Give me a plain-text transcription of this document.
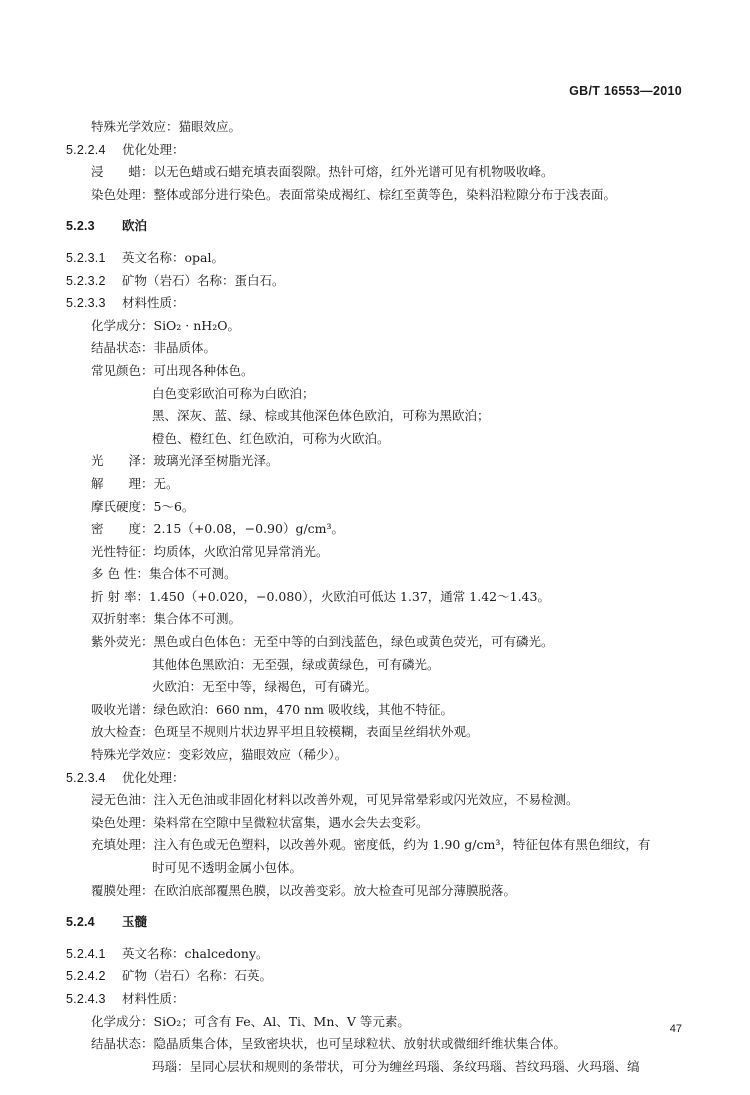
GB/T 16553—2010
特殊光学效应：猫眼效应。
5.2.2.4 优化处理：
浸　　蜡：以无色蜡或石蜡充填表面裂隙。热针可熔，红外光谱可见有机物吸收峰。
染色处理：整体或部分进行染色。表面常染成褐红、棕红至黄等色，染料沿粒隙分布于浅表面。
5.2.3 欧泊
5.2.3.1 英文名称：opal。
5.2.3.2 矿物（岩石）名称：蛋白石。
5.2.3.3 材料性质：
化学成分：SiO₂ · nH₂O。
结晶状态：非晶质体。
常见颜色：可出现各种体色。
白色变彩欧泊可称为白欧泊；
黑、深灰、蓝、绿、棕或其他深色体色欧泊，可称为黑欧泊；
橙色、橙红色、红色欧泊，可称为火欧泊。
光　　泽：玻璃光泽至树脂光泽。
解　　理：无。
摩氏硬度：5～6。
密　　度：2.15（+0.08，−0.90）g/cm³。
光性特征：均质体，火欧泊常见异常消光。
多 色 性：集合体不可测。
折 射 率：1.450（+0.020，−0.080），火欧泊可低达 1.37，通常 1.42～1.43。
双折射率：集合体不可测。
紫外荧光：黑色或白色体色：无至中等的白到浅蓝色，绿色或黄色荧光，可有磷光。
其他体色黑欧泊：无至强，绿或黄绿色，可有磷光。
火欧泊：无至中等，绿褐色，可有磷光。
吸收光谱：绿色欧泊：660 nm，470 nm 吸收线，其他不特征。
放大检查：色斑呈不规则片状边界平坦且较模糊，表面呈丝绢状外观。
特殊光学效应：变彩效应，猫眼效应（稀少）。
5.2.3.4 优化处理：
浸无色油：注入无色油或非固化材料以改善外观，可见异常晕彩或闪光效应，不易检测。
染色处理：染料常在空隙中呈微粒状富集，遇水会失去变彩。
充填处理：注入有色或无色塑料，以改善外观。密度低，约为 1.90 g/cm³，特征包体有黑色细纹，有
时可见不透明金属小包体。
覆膜处理：在欧泊底部覆黑色膜，以改善变彩。放大检查可见部分薄膜脱落。
5.2.4 玉髓
5.2.4.1 英文名称：chalcedony。
5.2.4.2 矿物（岩石）名称：石英。
5.2.4.3 材料性质：
化学成分：SiO₂；可含有 Fe、Al、Ti、Mn、V 等元素。
结晶状态：隐晶质集合体，呈致密块状，也可呈球粒状、放射状或微细纤维状集合体。
玛瑙：呈同心层状和规则的条带状，可分为缠丝玛瑙、条纹玛瑙、苔纹玛瑙、火玛瑙、缟
47
